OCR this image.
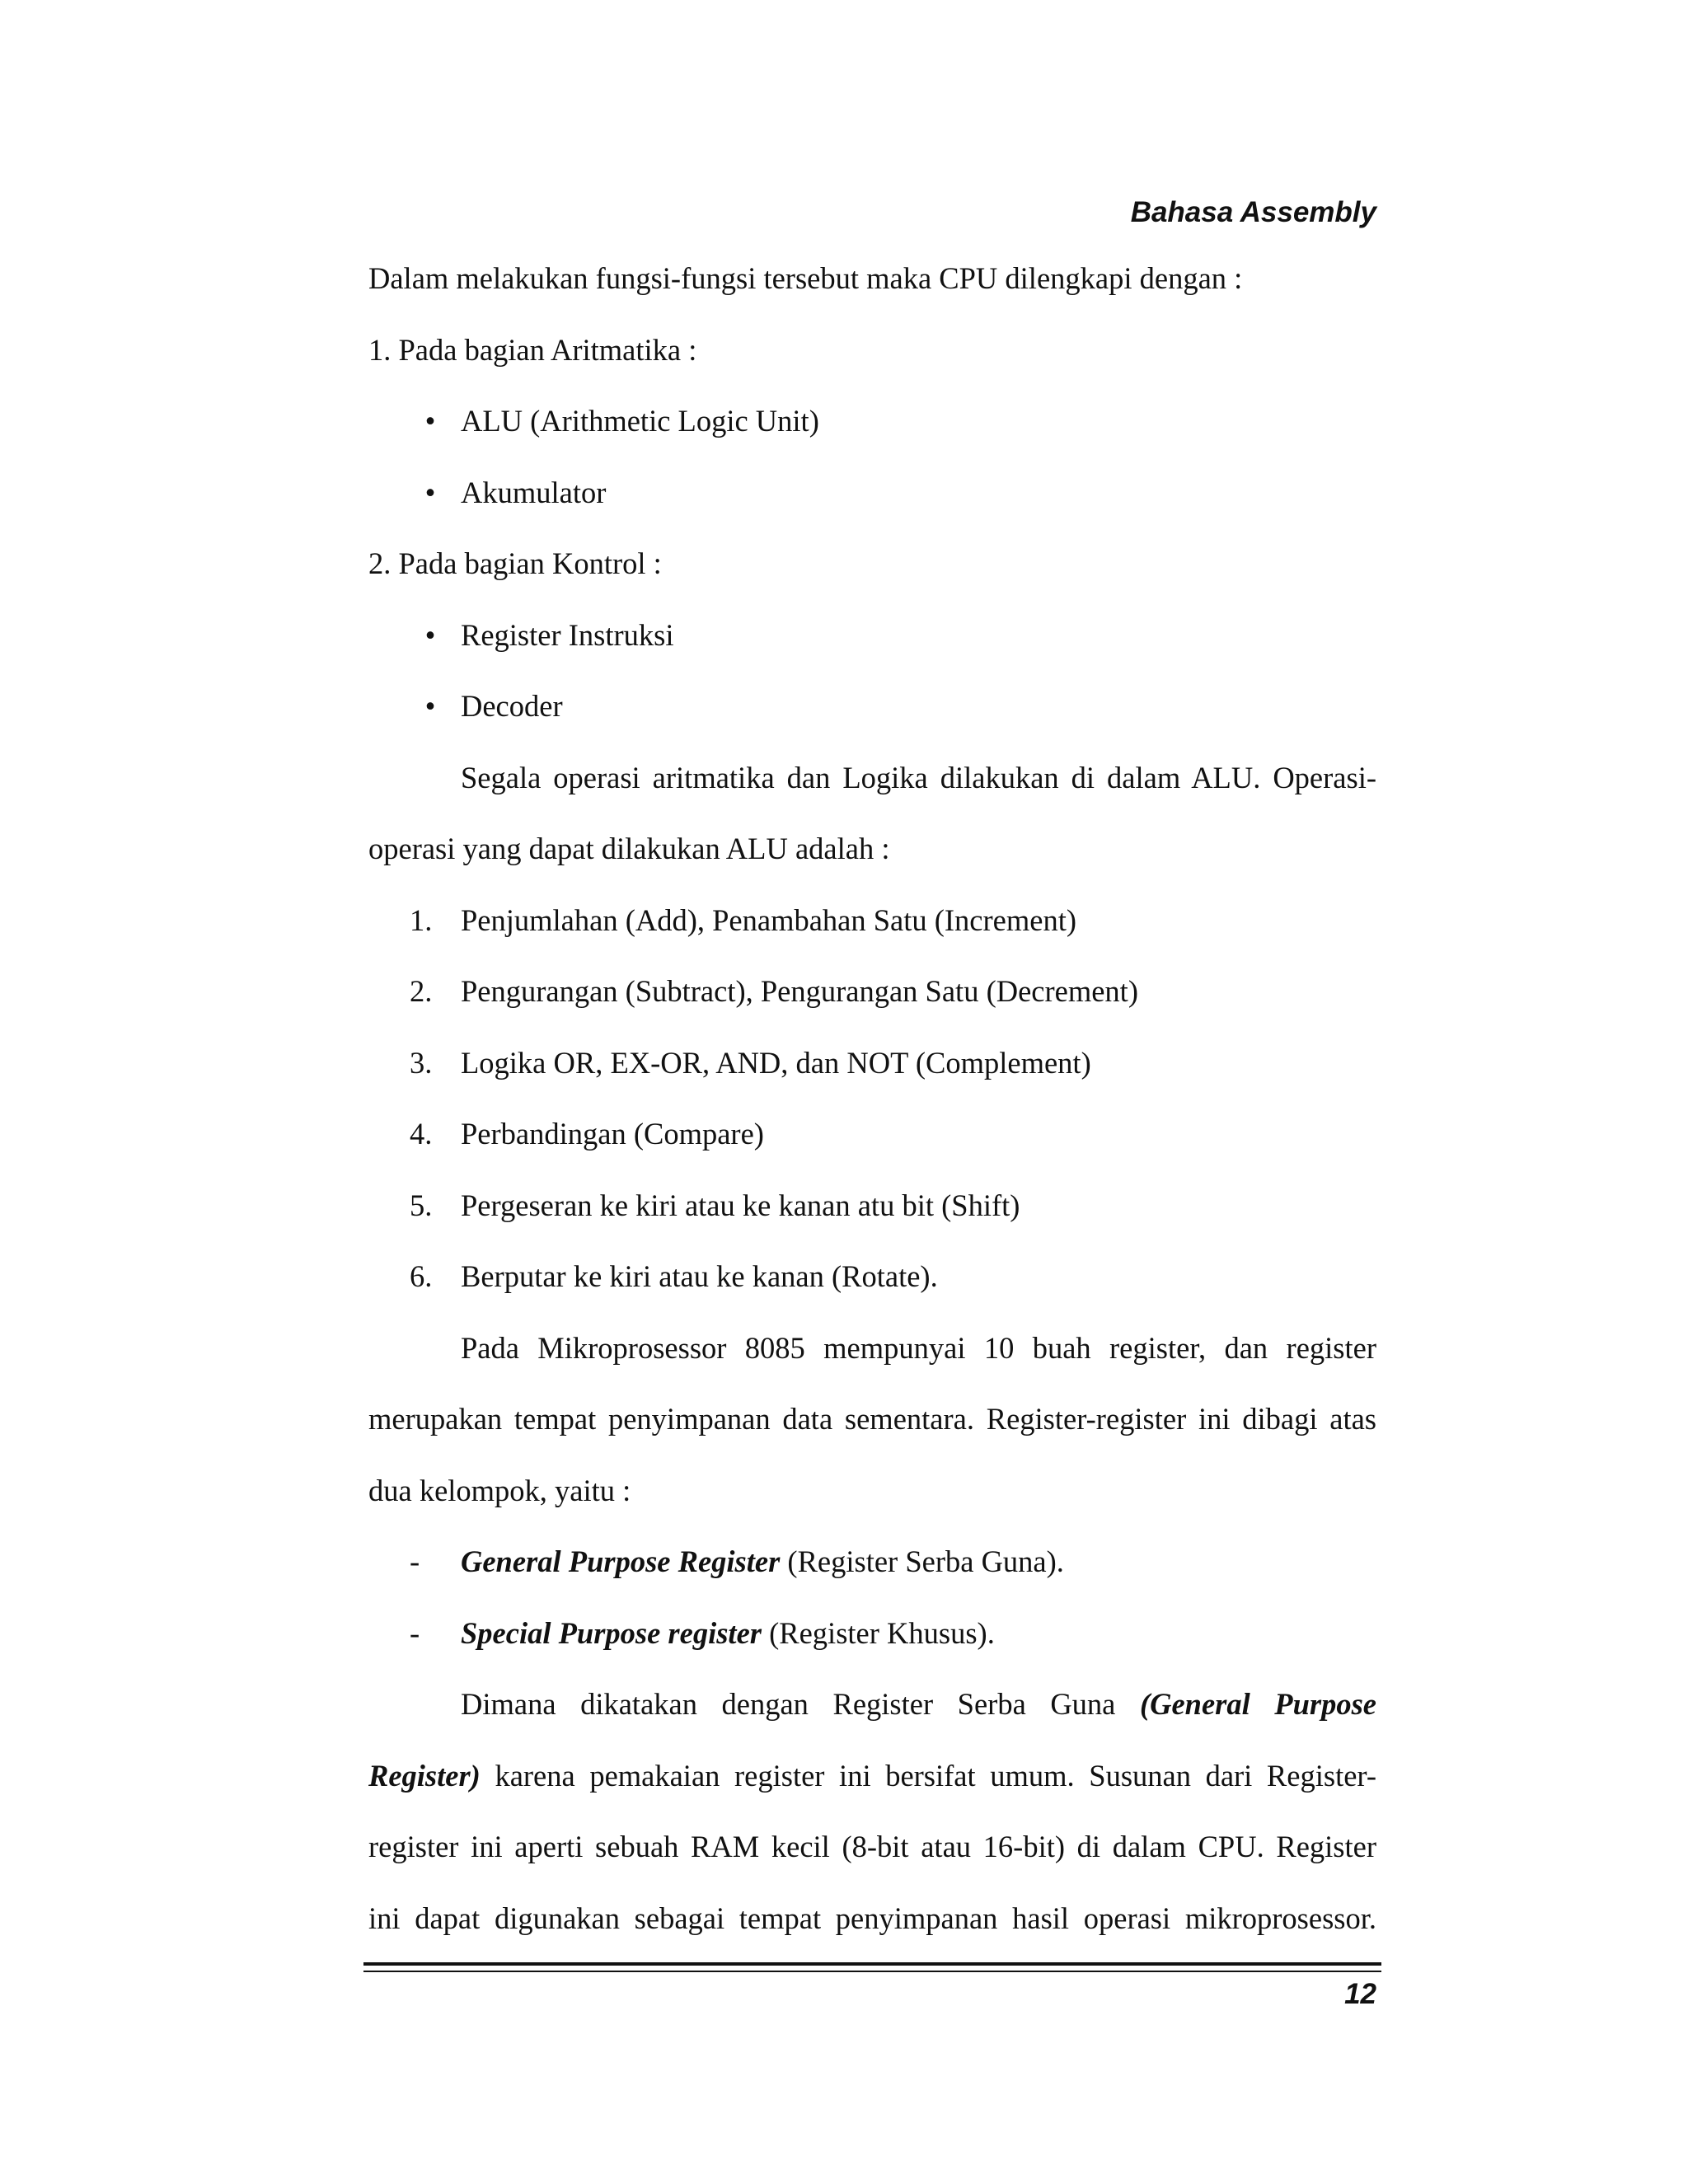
Bahasa Assembly

Dalam melakukan fungsi-fungsi tersebut maka CPU dilengkapi dengan :

1. Pada bagian Aritmatika :

• ALU (Arithmetic Logic Unit)
• Akumulator

2. Pada bagian Kontrol :

• Register Instruksi
• Decoder

Segala operasi aritmatika dan Logika dilakukan di dalam ALU. Operasi-

operasi yang dapat dilakukan ALU adalah :

1. Penjumlahan (Add), Penambahan Satu (Increment)
2. Pengurangan (Subtract), Pengurangan Satu (Decrement)
3. Logika OR, EX-OR, AND, dan NOT (Complement)
4. Perbandingan (Compare)
5. Pergeseran ke kiri atau ke kanan atu bit (Shift)
6. Berputar ke kiri atau ke kanan (Rotate).

Pada Mikroprosessor 8085 mempunyai 10 buah register, dan register

merupakan tempat penyimpanan data sementara. Register-register ini dibagi atas

dua kelompok, yaitu :

-	General Purpose Register (Register Serba Guna).
-	Special Purpose register (Register Khusus).

Dimana dikatakan dengan Register Serba Guna (General Purpose

Register) karena pemakaian register ini bersifat umum. Susunan dari Register-

register ini aperti sebuah RAM kecil (8-bit atau 16-bit) di dalam CPU. Register

ini dapat digunakan sebagai tempat penyimpanan hasil operasi mikroprosessor.

12
